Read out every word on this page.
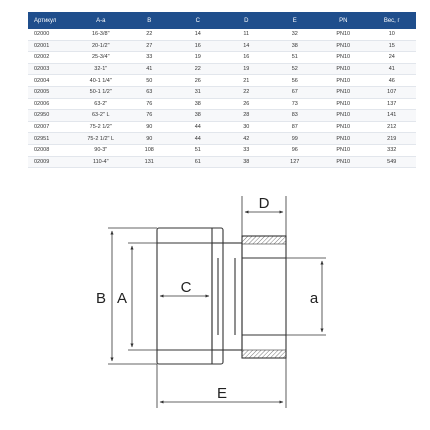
Артикул	A-a	B	C	D	E	PN	Вес, г
02000	16-3/8"	22	14	11	32	PN10	10
02001	20-1/2"	27	16	14	38	PN10	15
02002	25-3/4"	33	19	16	51	PN10	24
02003	32-1"	41	22	19	52	PN10	41
02004	40-1 1/4"	50	26	21	56	PN10	46
02005	50-1 1/2"	63	31	22	67	PN10	107
02006	63-2"	76	38	26	73	PN10	137
02950	63-2" L	76	38	28	83	PN10	141
02007	75-2 1/2"	90	44	30	87	PN10	212
02951	75-2 1/2" L	90	44	42	99	PN10	219
02008	90-3"	108	51	33	96	PN10	332
02009	110-4"	131	61	38	127	PN10	549
B A
C
D
a
E
